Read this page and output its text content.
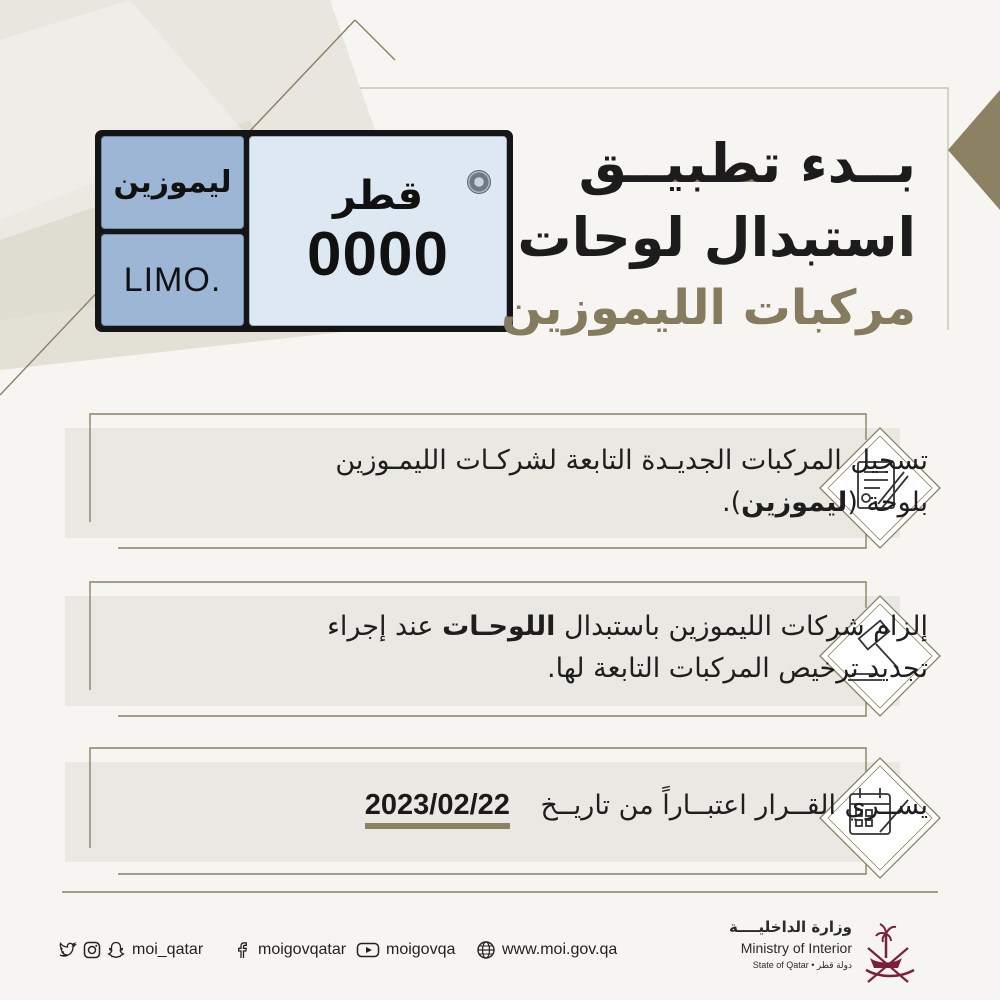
ليموزين
LIMO.
قطر
0000
بــدء تطبيــق
استبدال لوحات
مركبات الليموزين
تسجيل المركبات الجديـدة التابعة لشركـات الليمـوزين
بلوحة (ليموزين).
إلزام شركات الليموزين باستبدال اللوحـات عند إجراء
تجديد ترخيص المركبات التابعة لها.
يســري القــرار اعتبــاراً من تاريــخ 2023/02/22
moi_qatar	moigovqatar moigovqa	www.moi.gov.qa
وزارة الداخليــــة
Ministry of Interior
State of Qatar • دولة قطر
